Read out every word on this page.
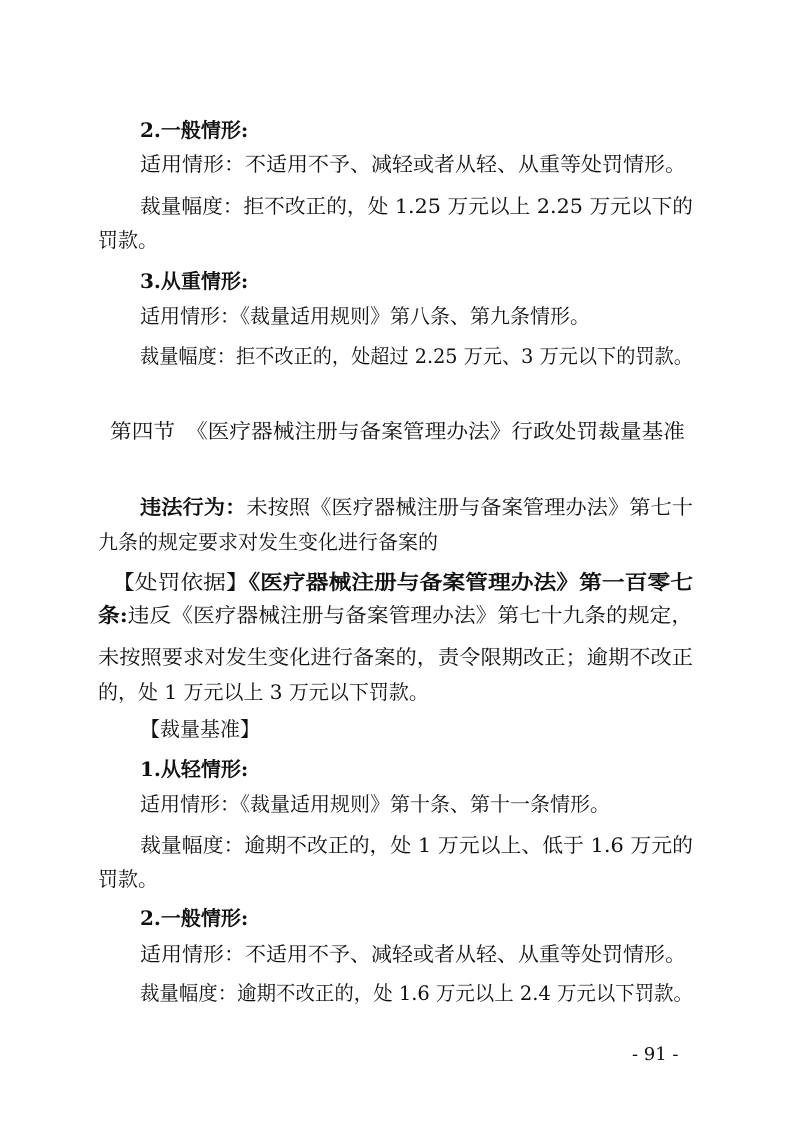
2.一般情形:
适用情形：不适用不予、减轻或者从轻、从重等处罚情形。
裁量幅度：拒不改正的，处 1.25 万元以上 2.25 万元以下的
罚款。
3.从重情形:
适用情形：《裁量适用规则》第八条、第九条情形。
裁量幅度：拒不改正的，处超过 2.25 万元、3 万元以下的罚款。
第四节　《医疗器械注册与备案管理办法》行政处罚裁量基准
违法行为：未按照《医疗器械注册与备案管理办法》第七十
九条的规定要求对发生变化进行备案的
【处罚依据】《医疗器械注册与备案管理办法》第一百零七
条:违反《医疗器械注册与备案管理办法》第七十九条的规定，
未按照要求对发生变化进行备案的，责令限期改正；逾期不改正
的，处 1 万元以上 3 万元以下罚款。
【裁量基准】
1.从轻情形:
适用情形：《裁量适用规则》第十条、第十一条情形。
裁量幅度：逾期不改正的，处 1 万元以上、低于 1.6 万元的
罚款。
2.一般情形:
适用情形：不适用不予、减轻或者从轻、从重等处罚情形。
裁量幅度：逾期不改正的，处 1.6 万元以上 2.4 万元以下罚款。
- 91 -
